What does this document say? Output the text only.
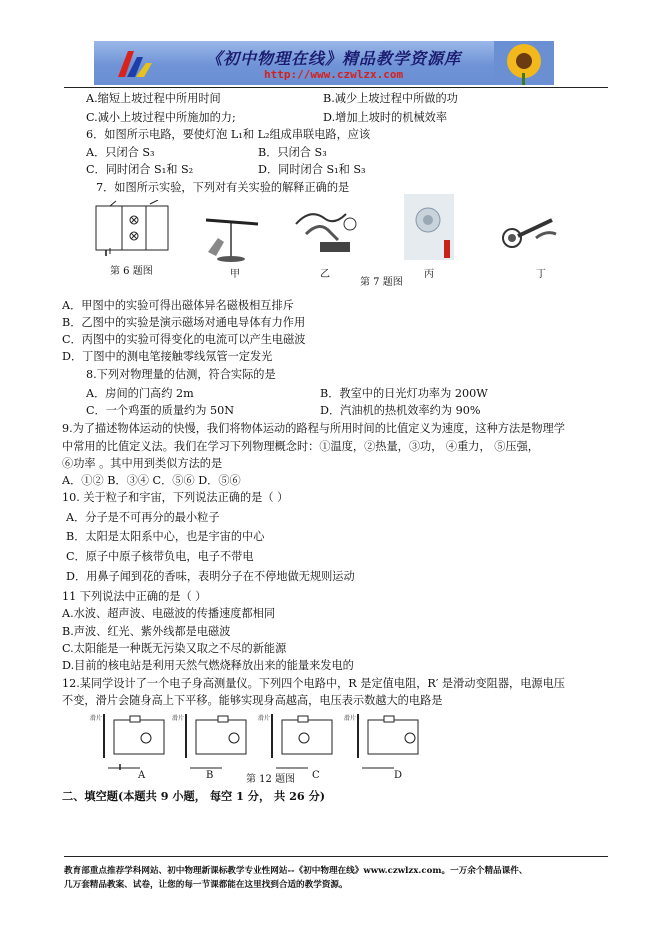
《初中物理在线》精品教学资源库
http://www.czwlzx.com
A.缩短上坡过程中所用时间	B.减少上坡过程中所做的功
C.减小上坡过程中所施加的力;	D.增加上坡时的机械效率
6．如图所示电路，要使灯泡 L₁和 L₂组成串联电路，应该
A．只闭合 S₃	B．只闭合 S₃
C．同时闭合 S₁和 S₂	D．同时闭合 S₁和 S₃
7．如图所示实验，下列对有关实验的解释正确的是
第 6 题图	甲	乙	丙	丁
第 7 题图
A．甲图中的实验可得出磁体异名磁极相互排斥
B．乙图中的实验是演示磁场对通电导体有力作用
C．丙图中的实验可得变化的电流可以产生电磁波
D．丁图中的测电笔接触零线氖管一定发光
8.下列对物理量的估测，符合实际的是
A．房间的门高约 2m	B．教室中的日光灯功率为 200W
C．一个鸡蛋的质量约为 50N	D．汽油机的热机效率约为 90%
9.为了描述物体运动的快慢，我们将物体运动的路程与所用时间的比值定义为速度，这种方法是物理学
中常用的比值定义法。我们在学习下列物理概念时：①温度，②热量，③功， ④重力， ⑤压强，
⑥功率 。其中用到类似方法的是
A．①② B．③④ C．⑤⑥ D．⑤⑥
10. 关于粒子和宇宙，下列说法正确的是（ ）
A．分子是不可再分的最小粒子
B．太阳是太阳系中心，也是宇宙的中心
C．原子中原子核带负电，电子不带电
D．用鼻子闻到花的香味，表明分子在不停地做无规则运动
11 下列说法中正确的是（ ）
A.水波、超声波、电磁波的传播速度都相同
B.声波、红光、紫外线都是电磁波
C.太阳能是一种既无污染又取之不尽的新能源
D.目前的核电站是利用天然气燃烧释放出来的能量来发电的
12.某同学设计了一个电子身高测量仪。下列四个电路中，R 是定值电阻，R′ 是滑动变阻器，电源电压
不变，滑片会随身高上下平移。能够实现身高越高，电压表示数越大的电路是
滑片	滑片	滑片	滑片
A	B	C	D
第 12 题图
二、填空题(本题共 9 小题， 每空 1 分， 共 26 分)
教育部重点推荐学科网站、初中物理新课标教学专业性网站--《初中物理在线》www.czwlzx.com。一万余个精品课件、
几万套精品教案、试卷，让您的每一节课都能在这里找到合适的教学资源。
